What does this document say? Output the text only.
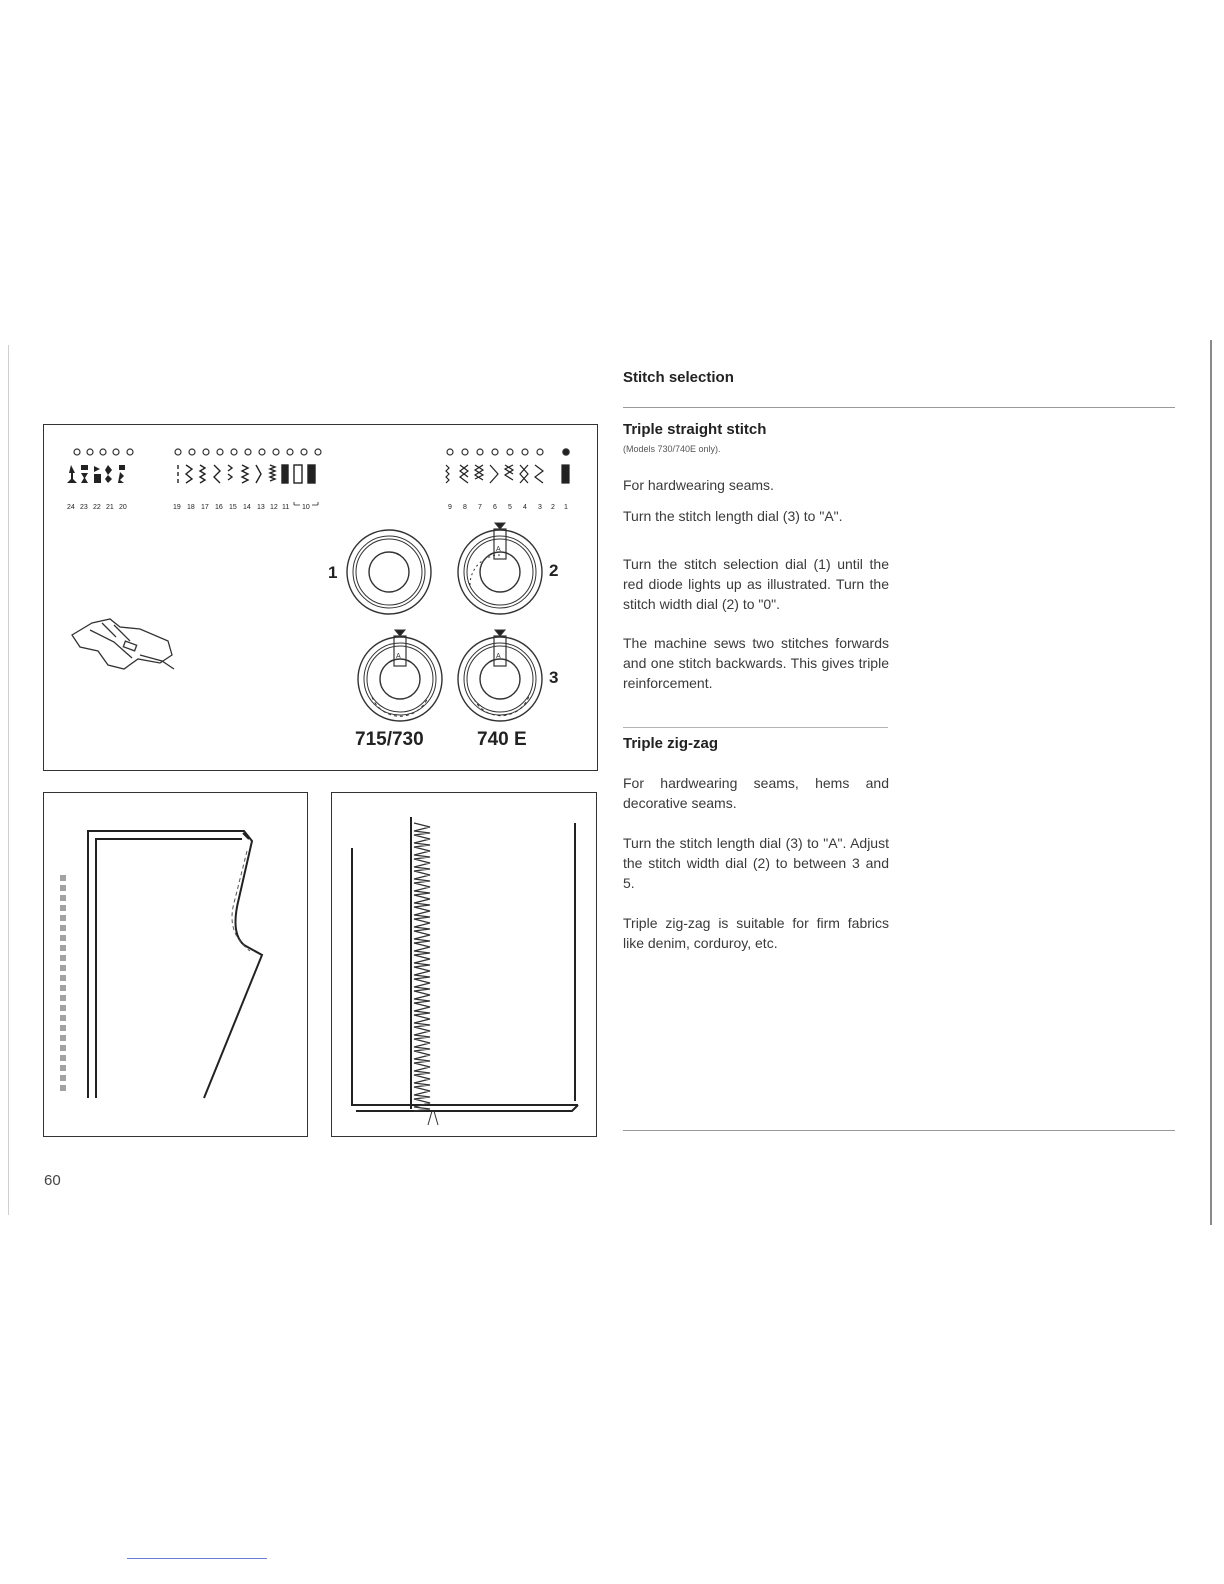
A
A	A
24 23 22 21 20	19 18 17 16 15 14 13 12 11 10	9 8 7 6 5 4 3 2 1
1	2
3
715/730	740 E
Stitch selection
Triple straight stitch
(Models 730/740E only).
For hardwearing seams.
Turn the stitch length dial (3) to "A".
Turn the stitch selection dial (1) until the red diode lights up as illustrated. Turn the stitch width dial (2) to "0".
The machine sews two stitches forwards and one stitch backwards. This gives triple reinforcement.
Triple zig-zag
For hardwearing seams, hems and decorative seams.
Turn the stitch length dial (3) to "A". Adjust the stitch width dial (2) to between 3 and 5.
Triple zig-zag is suitable for firm fabrics like denim, corduroy, etc.
60
